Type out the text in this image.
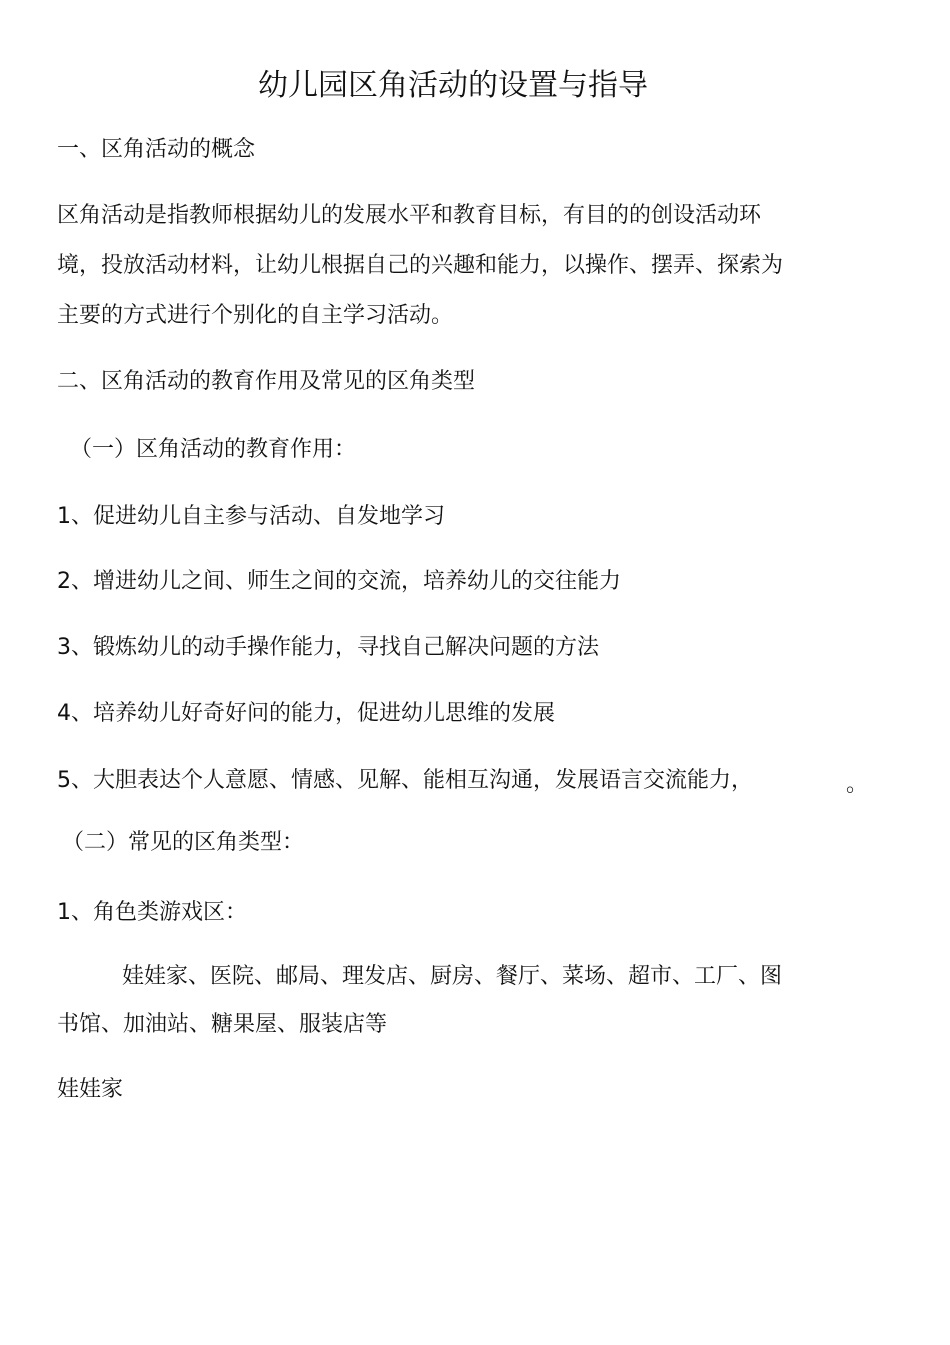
幼儿园区角活动的设置与指导
一、区角活动的概念
区角活动是指教师根据幼儿的发展水平和教育目标，有目的的创设活动环
境，投放活动材料，让幼儿根据自己的兴趣和能力，以操作、摆弄、探索为
主要的方式进行个别化的自主学习活动。
二、区角活动的教育作用及常见的区角类型
（一）区角活动的教育作用：
1、促进幼儿自主参与活动、自发地学习
2、增进幼儿之间、师生之间的交流，培养幼儿的交往能力
3、锻炼幼儿的动手操作能力，寻找自己解决问题的方法
4、培养幼儿好奇好问的能力，促进幼儿思维的发展
5、大胆表达个人意愿、情感、见解、能相互沟通，发展语言交流能力，	。
（二）常见的区角类型：
1、角色类游戏区：
娃娃家、医院、邮局、理发店、厨房、餐厅、菜场、超市、工厂、图
书馆、加油站、糖果屋、服装店等
娃娃家
